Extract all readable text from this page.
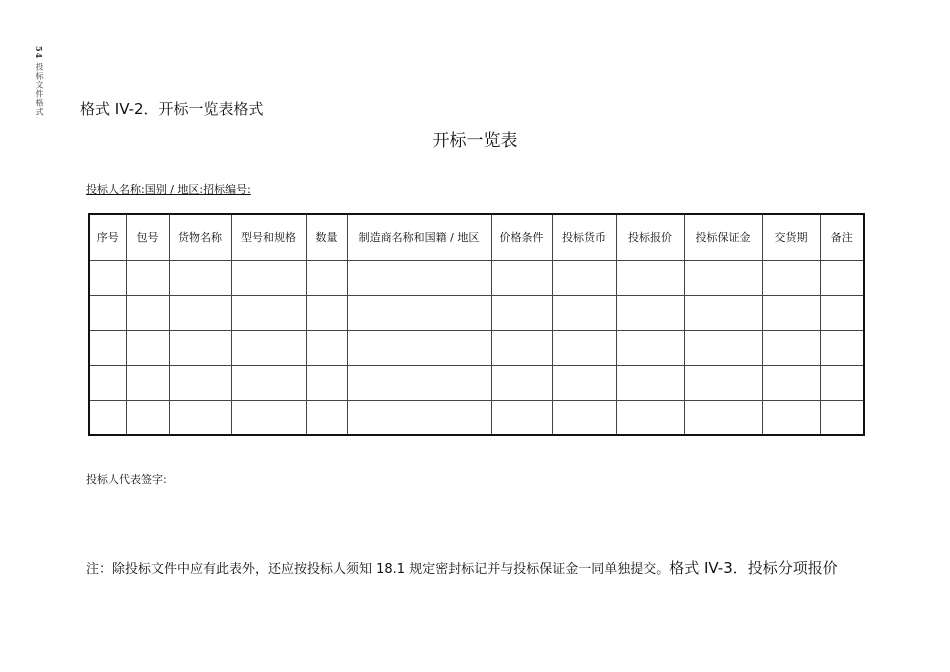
54 投标文件格式 格式 IV-2．开标一览表格式
开标一览表
投标人名称:国别 / 地区:招标编号:
序号	包号	货物名称	型号和规格	数量	制造商名称和国籍 / 地区	价格条件	投标货币	投标报价	投标保证金	交货期	备注

投标人代表签字:
注：除投标文件中应有此表外，还应按投标人须知 18.1 规定密封标记并与投标保证金一同单独提交。格式 IV-3．投标分项报价
